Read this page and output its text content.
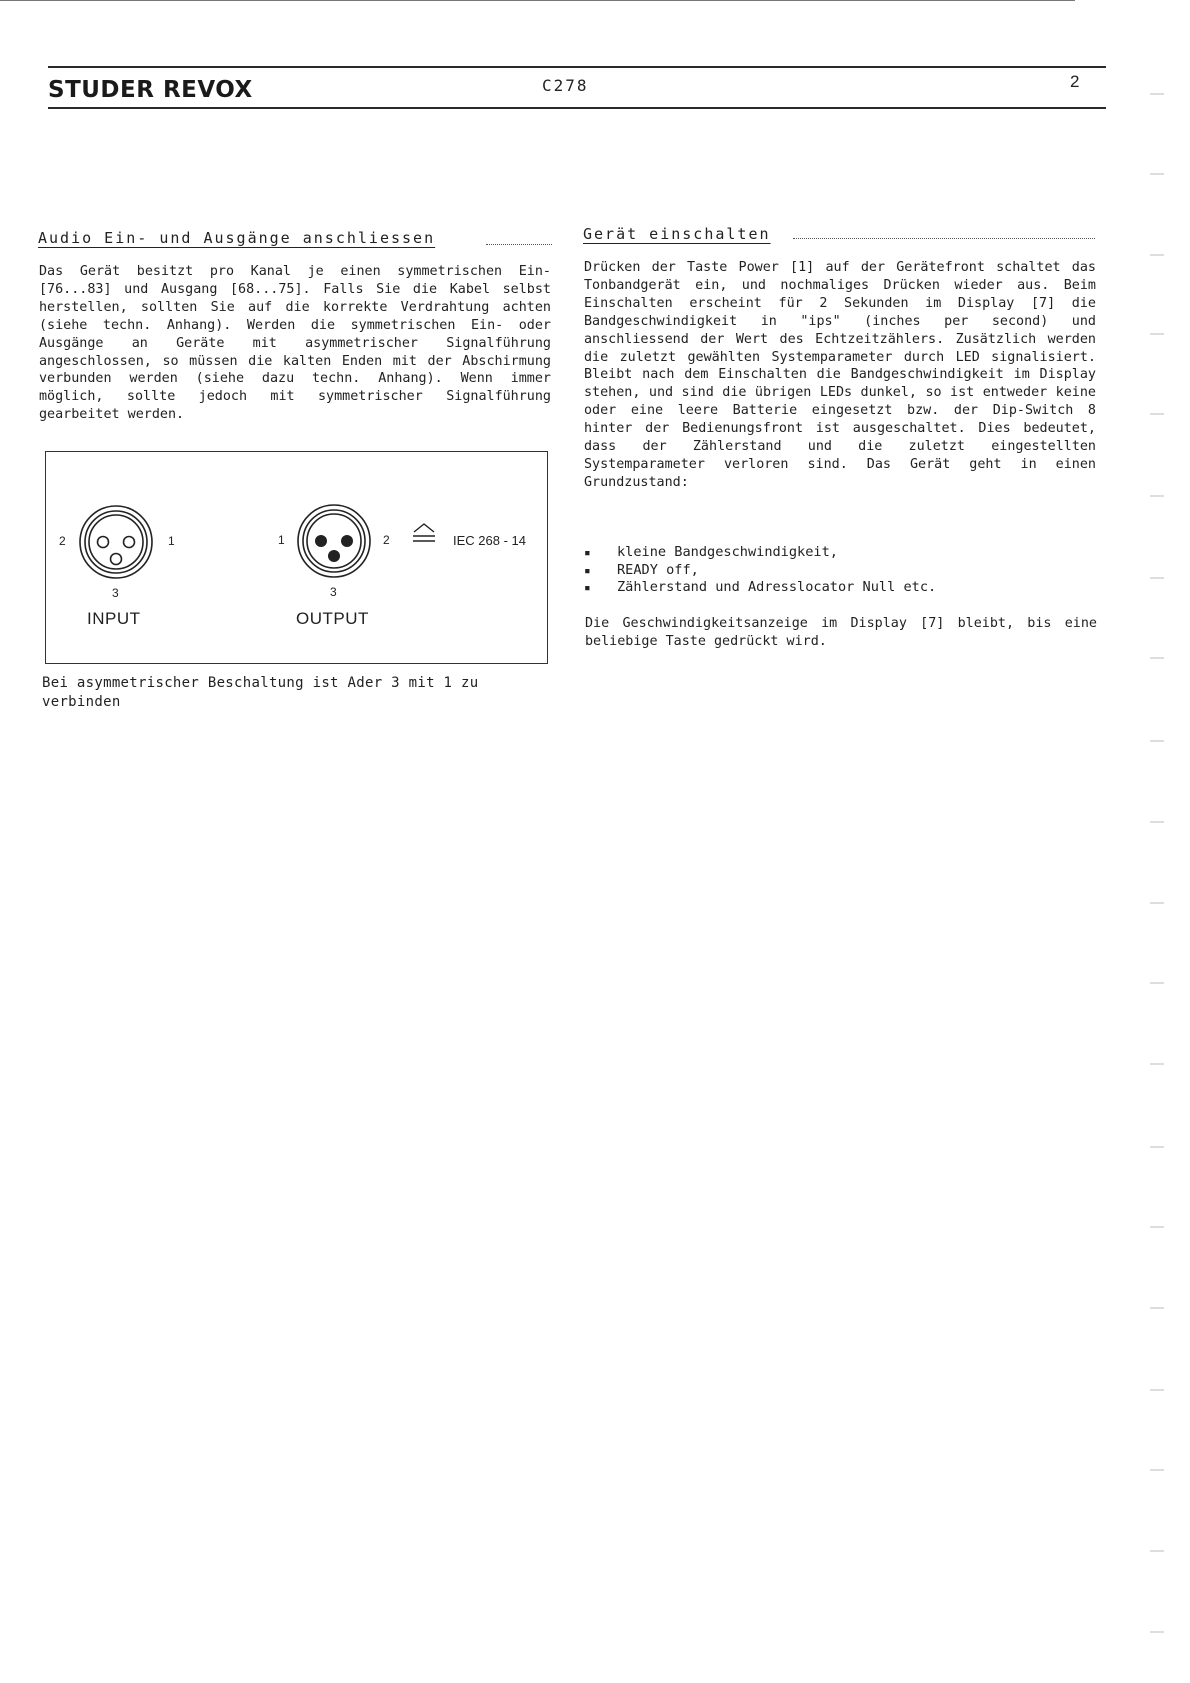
STUDER REVOX	C278	2
Audio Ein- und Ausgänge anschliessen

Das Gerät besitzt pro Kanal je einen symmetrischen Ein- [76...83] und Ausgang [68...75]. Falls Sie die Kabel selbst herstellen, sollten Sie auf die korrekte Verdrahtung achten (siehe techn. Anhang). Werden die symmetrischen Ein- oder Ausgänge an Geräte mit asymmetrischer Signalführung angeschlossen, so müssen die kalten Enden mit der Abschirmung verbunden werden (siehe dazu techn. Anhang). Wenn immer möglich, sollte jedoch mit symmetrischer Signalführung gearbeitet werden.

2	1
3
INPUT
1	2
3
OUTPUT
IEC 268 - 14

Bei asymmetrischer Beschaltung ist Ader 3 mit 1 zu verbinden

Gerät einschalten

Drücken der Taste Power [1] auf der Gerätefront schaltet das Tonbandgerät ein, und nochmaliges Drücken wieder aus. Beim Einschalten erscheint für 2 Sekunden im Display [7] die Bandgeschwindigkeit in "ips" (inches per second) und anschliessend der Wert des Echtzeitzählers. Zusätzlich werden die zuletzt gewählten Systemparameter durch LED signalisiert. Bleibt nach dem Einschalten die Bandgeschwindigkeit im Display stehen, und sind die übrigen LEDs dunkel, so ist entweder keine oder eine leere Batterie eingesetzt bzw. der Dip-Switch 8 hinter der Bedienungsfront ist ausgeschaltet. Dies bedeutet, dass der Zählerstand und die zuletzt eingestellten Systemparameter verloren sind. Das Gerät geht in einen Grundzustand:

▪ kleine Bandgeschwindigkeit,
▪ READY off,
▪ Zählerstand und Adresslocator Null etc.

Die Geschwindigkeitsanzeige im Display [7] bleibt, bis eine beliebige Taste gedrückt wird.
